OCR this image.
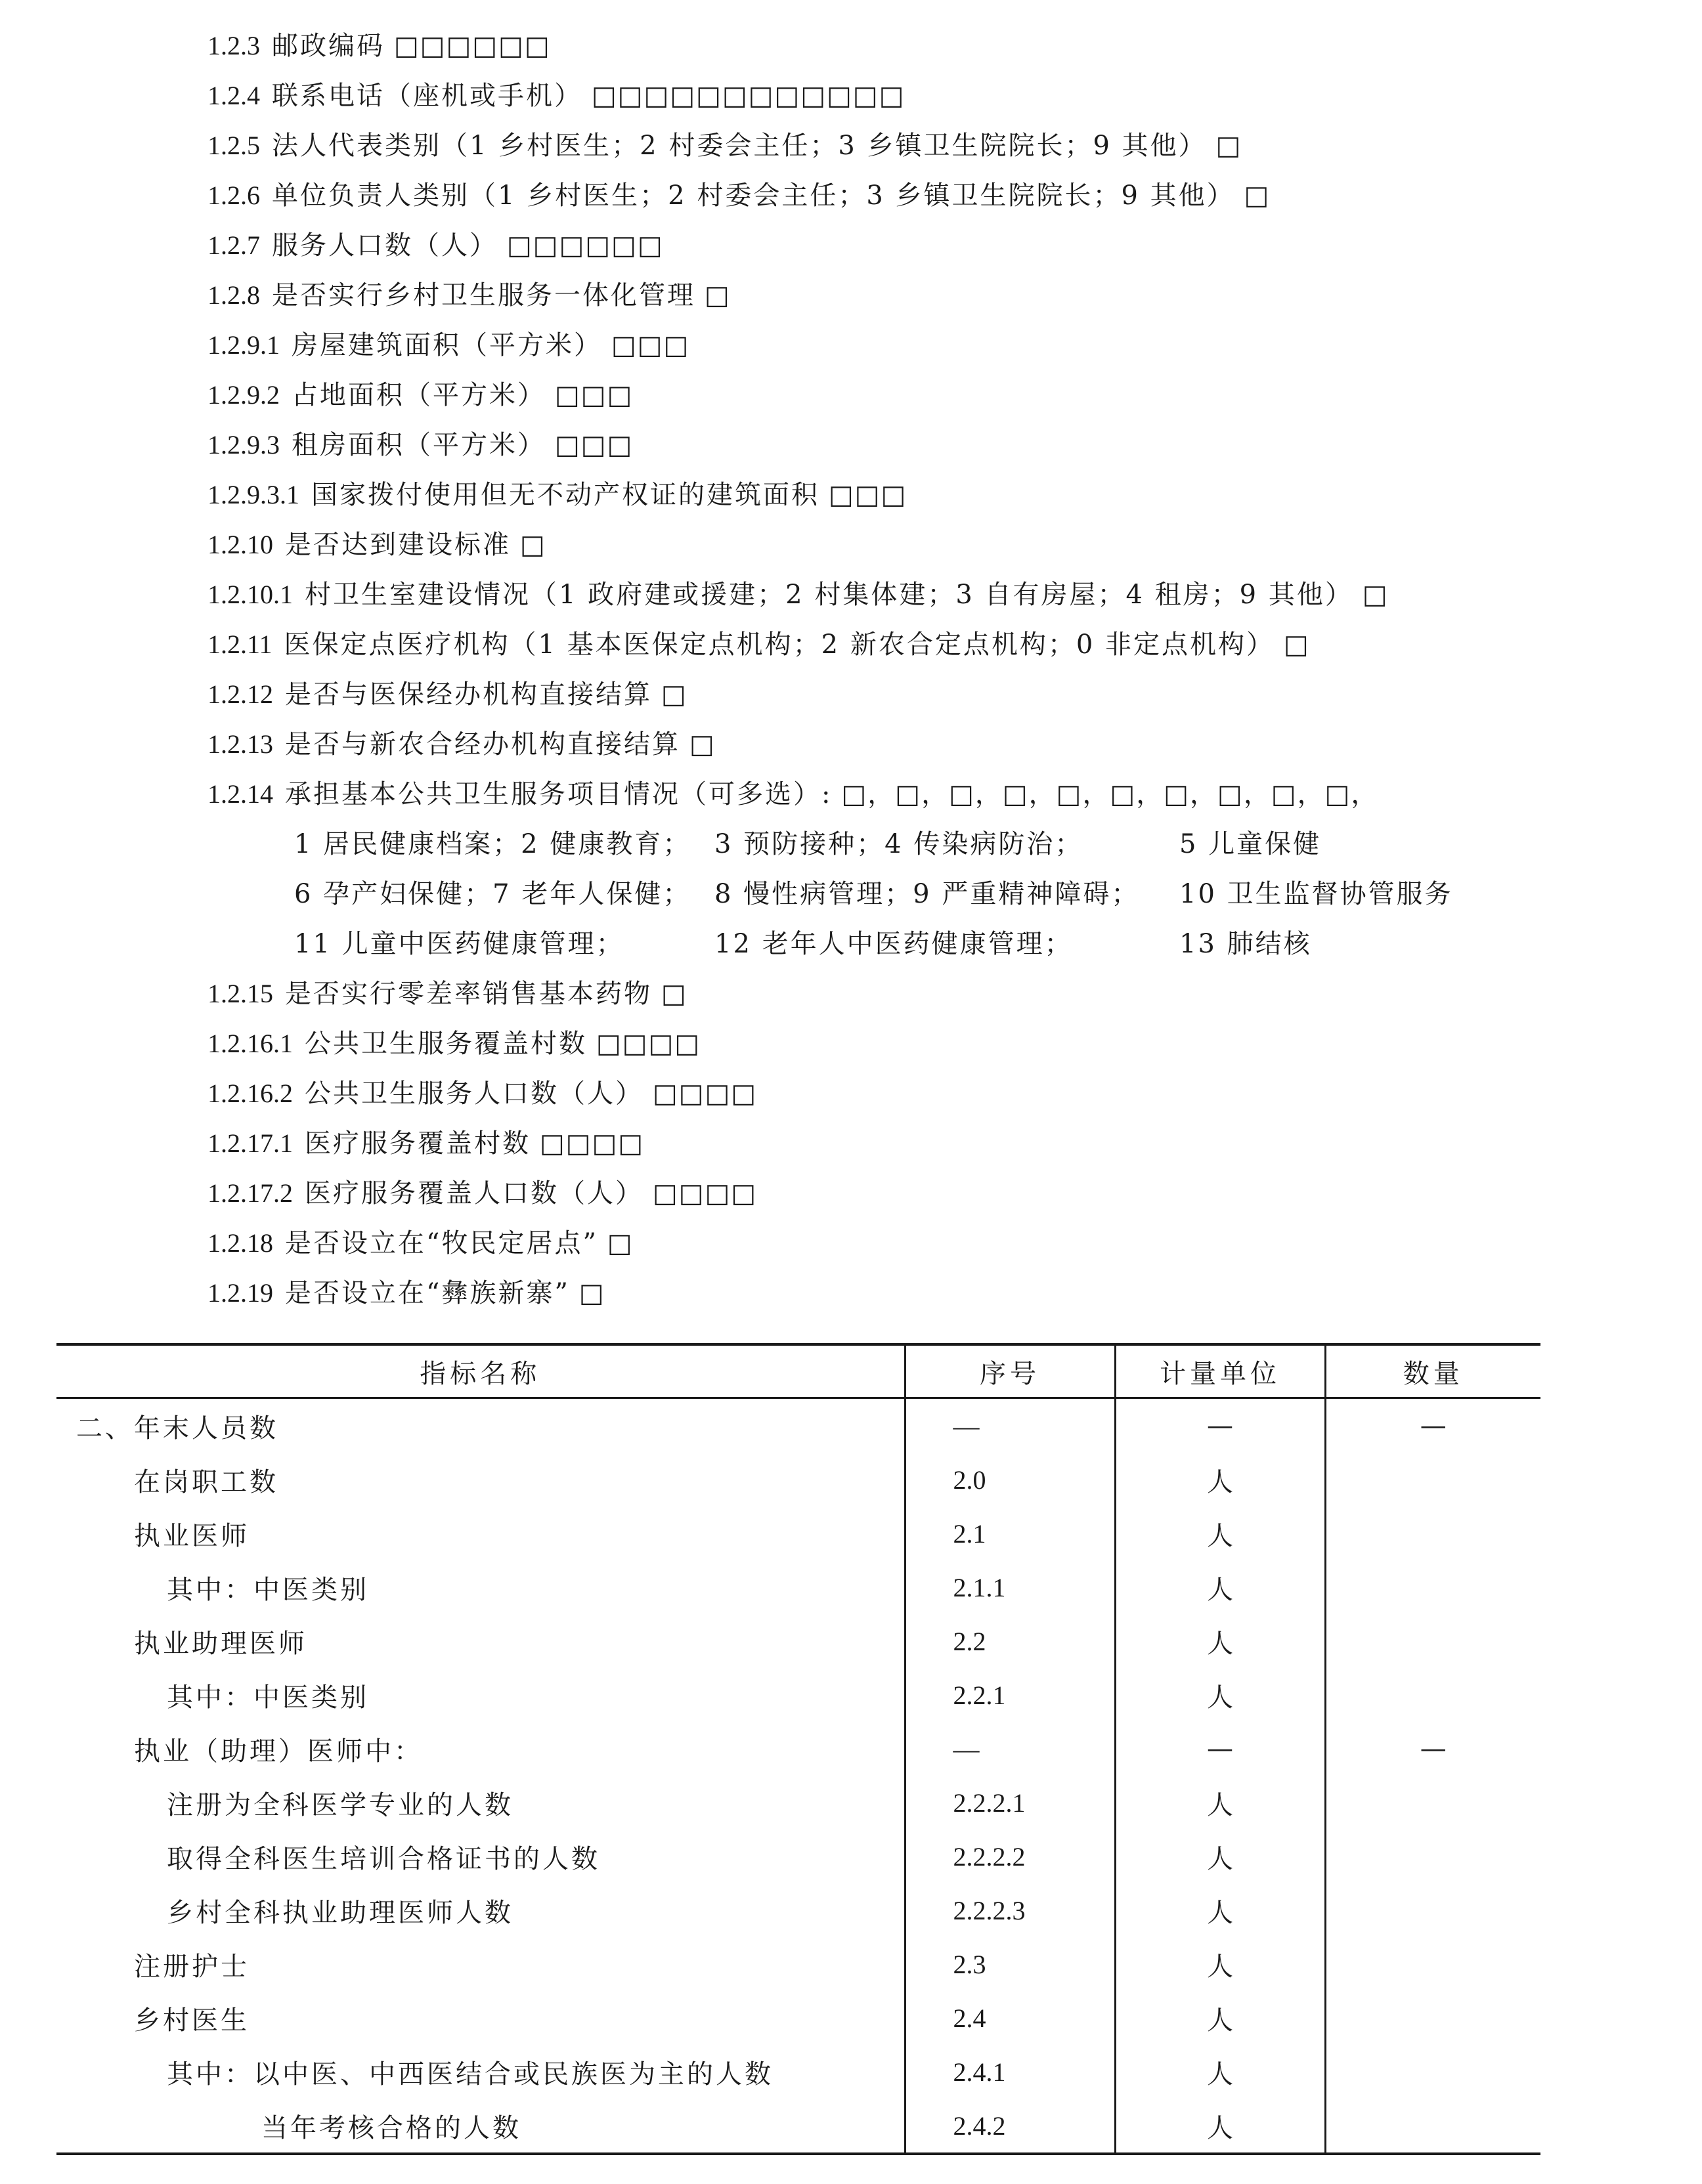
1.2.3 邮政编码 □□□□□□
1.2.4 联系电话（座机或手机） □□□□□□□□□□□□
1.2.5 法人代表类别（1 乡村医生；2 村委会主任；3 乡镇卫生院院长；9 其他） □
1.2.6 单位负责人类别（1 乡村医生；2 村委会主任；3 乡镇卫生院院长；9 其他） □
1.2.7 服务人口数（人） □□□□□□
1.2.8 是否实行乡村卫生服务一体化管理 □
1.2.9.1 房屋建筑面积（平方米） □□□
1.2.9.2 占地面积（平方米） □□□
1.2.9.3 租房面积（平方米） □□□
1.2.9.3.1 国家拨付使用但无不动产权证的建筑面积 □□□
1.2.10 是否达到建设标准 □
1.2.10.1 村卫生室建设情况（1 政府建或援建；2 村集体建；3 自有房屋；4 租房；9 其他） □
1.2.11 医保定点医疗机构（1 基本医保定点机构；2 新农合定点机构；0 非定点机构） □
1.2.12 是否与医保经办机构直接结算 □
1.2.13 是否与新农合经办机构直接结算 □
1.2.14 承担基本公共卫生服务项目情况（可多选）: □，□，□，□，□，□，□，□，□，□，
1 居民健康档案；2 健康教育； 3 预防接种；4 传染病防治；	5 儿童保健
6 孕产妇保健；7 老年人保健； 8 慢性病管理；9 严重精神障碍； 10 卫生监督协管服务
11 儿童中医药健康管理；	12 老年人中医药健康管理；	13 肺结核
1.2.15 是否实行零差率销售基本药物 □
1.2.16.1 公共卫生服务覆盖村数 □□□□
1.2.16.2 公共卫生服务人口数（人） □□□□
1.2.17.1 医疗服务覆盖村数 □□□□
1.2.17.2 医疗服务覆盖人口数（人） □□□□
1.2.18 是否设立在“牧民定居点” □
1.2.19 是否设立在“彝族新寨” □
指标名称	序号	计量单位	数量
二、年末人员数	—	—	—
在岗职工数	2.0	人	
执业医师	2.1	人	
其中：中医类别	2.1.1	人	
执业助理医师	2.2	人	
其中：中医类别	2.2.1	人	
执业（助理）医师中：	—	—	—
注册为全科医学专业的人数	2.2.2.1	人	
取得全科医生培训合格证书的人数	2.2.2.2	人	
乡村全科执业助理医师人数	2.2.2.3	人	
注册护士	2.3	人	
乡村医生	2.4	人	
其中：以中医、中西医结合或民族医为主的人数	2.4.1	人	
当年考核合格的人数	2.4.2	人	
